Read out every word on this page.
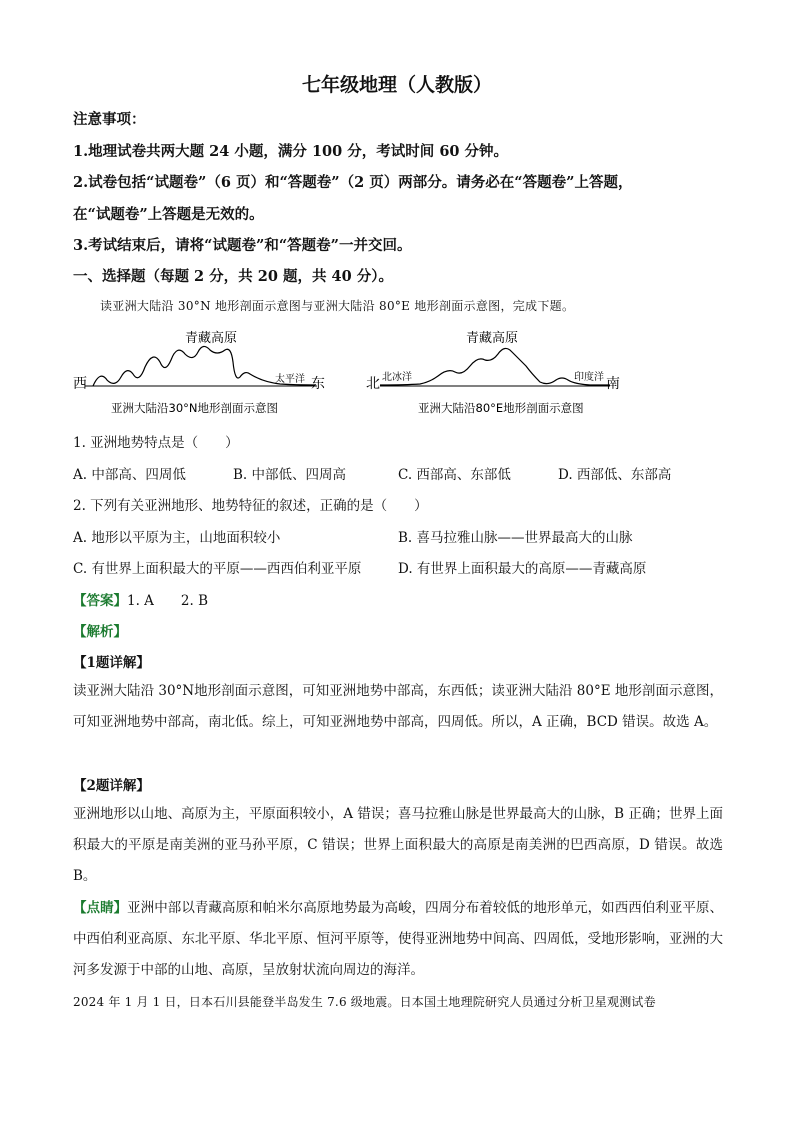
七年级地理（人教版）
注意事项：
1.地理试卷共两大题 24 小题，满分 100 分，考试时间 60 分钟。
2.试卷包括“试题卷”（6 页）和“答题卷”（2 页）两部分。请务必在“答题卷”上答题，
在“试题卷”上答题是无效的。
3.考试结束后，请将“试题卷”和“答题卷”一并交回。
一、选择题（每题 2 分，共 20 题，共 40 分）。
读亚洲大陆沿 30°N 地形剖面示意图与亚洲大陆沿 80°E 地形剖面示意图，完成下题。
青藏高原
西	太平洋 东
亚洲大陆沿30°N地形剖面示意图
青藏高原
北 北冰洋	印度洋 南
亚洲大陆沿80°E地形剖面示意图
1. 亚洲地势特点是（　　）
A. 中部高、四周低	B. 中部低、四周高	C. 西部高、东部低	D. 西部低、东部高
2. 下列有关亚洲地形、地势特征的叙述，正确的是（　　）
A. 地形以平原为主，山地面积较小	B. 喜马拉雅山脉——世界最高大的山脉
C. 有世界上面积最大的平原——西西伯利亚平原	D. 有世界上面积最大的高原——青藏高原
【答案】1. A　　2. B
【解析】
【1题详解】
读亚洲大陆沿 30°N地形剖面示意图，可知亚洲地势中部高，东西低；读亚洲大陆沿 80°E 地形剖面示意图，可知亚洲地势中部高，南北低。综上，可知亚洲地势中部高，四周低。所以，A 正确，BCD 错误。故选 A。
【2题详解】
亚洲地形以山地、高原为主，平原面积较小，A 错误；喜马拉雅山脉是世界最高大的山脉，B 正确；世界上面积最大的平原是南美洲的亚马孙平原，C 错误；世界上面积最大的高原是南美洲的巴西高原，D 错误。故选 B。
【点睛】亚洲中部以青藏高原和帕米尔高原地势最为高峻，四周分布着较低的地形单元，如西西伯利亚平原、中西伯利亚高原、东北平原、华北平原、恒河平原等，使得亚洲地势中间高、四周低，受地形影响，亚洲的大河多发源于中部的山地、高原，呈放射状流向周边的海洋。
2024 年 1 月 1 日，日本石川县能登半岛发生 7.6 级地震。日本国土地理院研究人员通过分析卫星观测试卷
